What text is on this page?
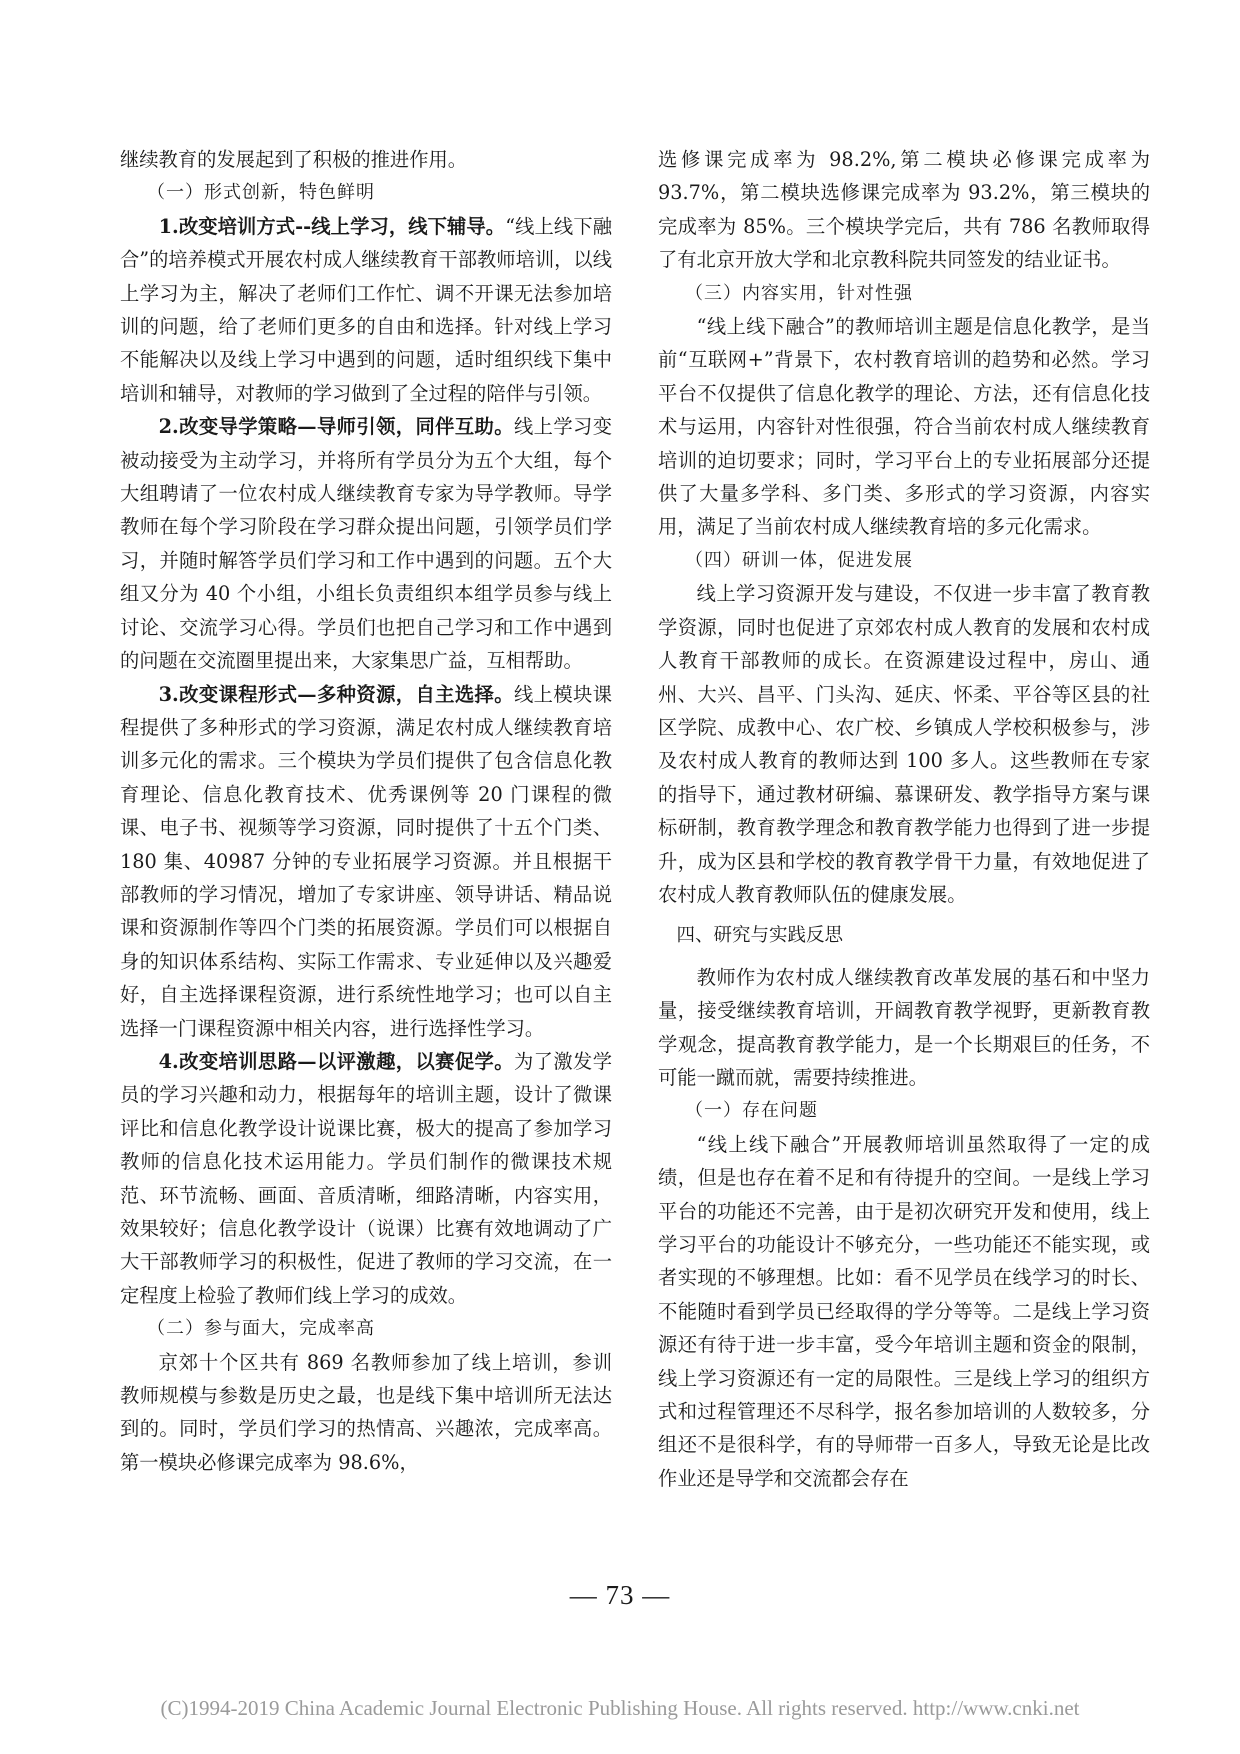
继续教育的发展起到了积极的推进作用。

（一）形式创新，特色鲜明

1.改变培训方式--线上学习，线下辅导。“线上线下融合”的培养模式开展农村成人继续教育干部教师培训，以线上学习为主，解决了老师们工作忙、调不开课无法参加培训的问题，给了老师们更多的自由和选择。针对线上学习不能解决以及线上学习中遇到的问题，适时组织线下集中培训和辅导，对教师的学习做到了全过程的陪伴与引领。

2.改变导学策略—导师引领，同伴互助。线上学习变被动接受为主动学习，并将所有学员分为五个大组，每个大组聘请了一位农村成人继续教育专家为导学教师。导学教师在每个学习阶段在学习群众提出问题，引领学员们学习，并随时解答学员们学习和工作中遇到的问题。五个大组又分为 40 个小组，小组长负责组织本组学员参与线上讨论、交流学习心得。学员们也把自己学习和工作中遇到的问题在交流圈里提出来，大家集思广益，互相帮助。

3.改变课程形式—多种资源，自主选择。线上模块课程提供了多种形式的学习资源，满足农村成人继续教育培训多元化的需求。三个模块为学员们提供了包含信息化教育理论、信息化教育技术、优秀课例等 20 门课程的微课、电子书、视频等学习资源，同时提供了十五个门类、180 集、40987 分钟的专业拓展学习资源。并且根据干部教师的学习情况，增加了专家讲座、领导讲话、精品说课和资源制作等四个门类的拓展资源。学员们可以根据自身的知识体系结构、实际工作需求、专业延伸以及兴趣爱好，自主选择课程资源，进行系统性地学习；也可以自主选择一门课程资源中相关内容，进行选择性学习。

4.改变培训思路—以评激趣，以赛促学。为了激发学员的学习兴趣和动力，根据每年的培训主题，设计了微课评比和信息化教学设计说课比赛，极大的提高了参加学习教师的信息化技术运用能力。学员们制作的微课技术规范、环节流畅、画面、音质清晰，细路清晰，内容实用，效果较好；信息化教学设计（说课）比赛有效地调动了广大干部教师学习的积极性，促进了教师的学习交流，在一定程度上检验了教师们线上学习的成效。

（二）参与面大，完成率高

京郊十个区共有 869 名教师参加了线上培训，参训教师规模与参数是历史之最，也是线下集中培训所无法达到的。同时，学员们学习的热情高、兴趣浓，完成率高。第一模块必修课完成率为 98.6%，

选修课完成率为 98.2%,第二模块必修课完成率为 93.7%，第二模块选修课完成率为 93.2%，第三模块的完成率为 85%。三个模块学完后，共有 786 名教师取得了有北京开放大学和北京教科院共同签发的结业证书。

（三）内容实用，针对性强

“线上线下融合”的教师培训主题是信息化教学，是当前“互联网+”背景下，农村教育培训的趋势和必然。学习平台不仅提供了信息化教学的理论、方法，还有信息化技术与运用，内容针对性很强，符合当前农村成人继续教育培训的迫切要求；同时，学习平台上的专业拓展部分还提供了大量多学科、多门类、多形式的学习资源，内容实用，满足了当前农村成人继续教育培的多元化需求。

（四）研训一体，促进发展

线上学习资源开发与建设，不仅进一步丰富了教育教学资源，同时也促进了京郊农村成人教育的发展和农村成人教育干部教师的成长。在资源建设过程中，房山、通州、大兴、昌平、门头沟、延庆、怀柔、平谷等区县的社区学院、成教中心、农广校、乡镇成人学校积极参与，涉及农村成人教育的教师达到 100 多人。这些教师在专家的指导下，通过教材研编、慕课研发、教学指导方案与课标研制，教育教学理念和教育教学能力也得到了进一步提升，成为区县和学校的教育教学骨干力量，有效地促进了农村成人教育教师队伍的健康发展。

四、研究与实践反思

教师作为农村成人继续教育改革发展的基石和中坚力量，接受继续教育培训，开阔教育教学视野，更新教育教学观念，提高教育教学能力，是一个长期艰巨的任务，不可能一蹴而就，需要持续推进。

（一）存在问题

“线上线下融合”开展教师培训虽然取得了一定的成绩，但是也存在着不足和有待提升的空间。一是线上学习平台的功能还不完善，由于是初次研究开发和使用，线上学习平台的功能设计不够充分，一些功能还不能实现，或者实现的不够理想。比如：看不见学员在线学习的时长、不能随时看到学员已经取得的学分等等。二是线上学习资源还有待于进一步丰富，受今年培训主题和资金的限制，线上学习资源还有一定的局限性。三是线上学习的组织方式和过程管理还不尽科学，报名参加培训的人数较多，分组还不是很科学，有的导师带一百多人，导致无论是比改作业还是导学和交流都会存在

— 73 —
(C)1994-2019 China Academic Journal Electronic Publishing House. All rights reserved. http://www.cnki.net
